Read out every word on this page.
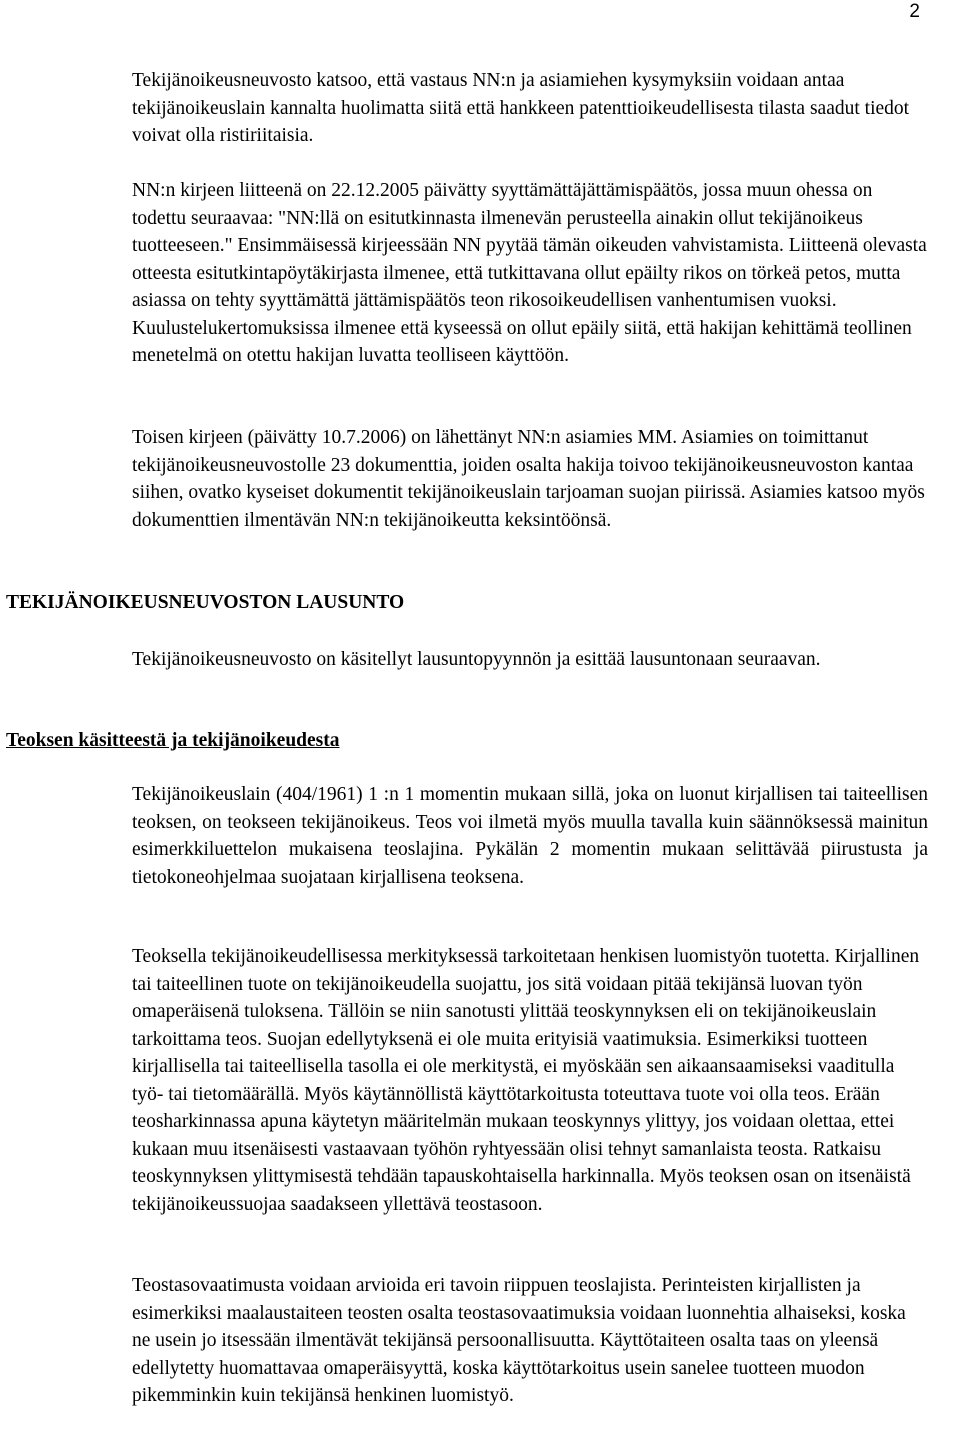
2

Tekijänoikeusneuvosto katsoo, että vastaus NN:n ja asiamiehen kysymyksiin voidaan antaa tekijänoikeuslain kannalta huolimatta siitä että hankkeen patenttioikeudellisesta tilasta saadut tiedot voivat olla ristiriitaisia.

NN:n kirjeen liitteenä on 22.12.2005 päivätty syyttämättäjättämispäätös, jossa muun ohessa on todettu seuraavaa: "NN:llä on esitutkinnasta ilmenevän perusteella ainakin ollut tekijänoikeus tuotteeseen." Ensimmäisessä kirjeessään NN pyytää tämän oikeuden vahvistamista. Liitteenä olevasta otteesta esitutkintapöytäkirjasta ilmenee, että tutkittavana ollut epäilty rikos on törkeä petos, mutta asiassa on tehty syyttämättä jättämispäätös teon rikosoikeudellisen vanhentumisen vuoksi. Kuulustelukertomuksissa ilmenee että kyseessä on ollut epäily siitä, että hakijan kehittämä teollinen menetelmä on otettu hakijan luvatta teolliseen käyttöön.

Toisen kirjeen (päivätty 10.7.2006) on lähettänyt NN:n asiamies MM. Asiamies on toimittanut tekijänoikeusneuvostolle 23 dokumenttia, joiden osalta hakija toivoo tekijänoikeusneuvoston kantaa siihen, ovatko kyseiset dokumentit tekijänoikeuslain tarjoaman suojan piirissä. Asiamies katsoo myös dokumenttien ilmentävän NN:n tekijänoikeutta keksintöönsä.

TEKIJÄNOIKEUSNEUVOSTON LAUSUNTO

Tekijänoikeusneuvosto on käsitellyt lausuntopyynnön ja esittää lausuntonaan seuraavan.

Teoksen käsitteestä ja tekijänoikeudesta

Tekijänoikeuslain (404/1961) 1 :n 1 momentin mukaan sillä, joka on luonut kirjallisen tai taiteellisen teoksen, on teokseen tekijänoikeus. Teos voi ilmetä myös muulla tavalla kuin säännöksessä mainitun esimerkkiluettelon mukaisena teoslajina. Pykälän 2 momentin mukaan selittävää piirustusta ja tietokoneohjelmaa suojataan kirjallisena teoksena.

Teoksella tekijänoikeudellisessa merkityksessä tarkoitetaan henkisen luomistyön tuotetta. Kirjallinen tai taiteellinen tuote on tekijänoikeudella suojattu, jos sitä voidaan pitää tekijänsä luovan työn omaperäisenä tuloksena. Tällöin se niin sanotusti ylittää teoskynnyksen eli on tekijänoikeuslain tarkoittama teos. Suojan edellytyksenä ei ole muita erityisiä vaatimuksia. Esimerkiksi tuotteen kirjallisella tai taiteellisella tasolla ei ole merkitystä, ei myöskään sen aikaansaamiseksi vaaditulla työ- tai tietomäärällä. Myös käytännöllistä käyttötarkoitusta toteuttava tuote voi olla teos. Erään teosharkinnassa apuna käytetyn määritelmän mukaan teoskynnys ylittyy, jos voidaan olettaa, ettei kukaan muu itsenäisesti vastaavaan työhön ryhtyessään olisi tehnyt samanlaista teosta. Ratkaisu teoskynnyksen ylittymisestä tehdään tapauskohtaisella harkinnalla. Myös teoksen osan on itsenäistä tekijänoikeussuojaa saadakseen yllettävä teostasoon.

Teostasovaatimusta voidaan arvioida eri tavoin riippuen teoslajista. Perinteisten kirjallisten ja esimerkiksi maalaustaiteen teosten osalta teostasovaatimuksia voidaan luonnehtia alhaiseksi, koska ne usein jo itsessään ilmentävät tekijänsä persoonallisuutta. Käyttötaiteen osalta taas on yleensä edellytetty huomattavaa omaperäisyyttä, koska käyttötarkoitus usein sanelee tuotteen muodon pikemminkin kuin tekijänsä henkinen luomistyö.
